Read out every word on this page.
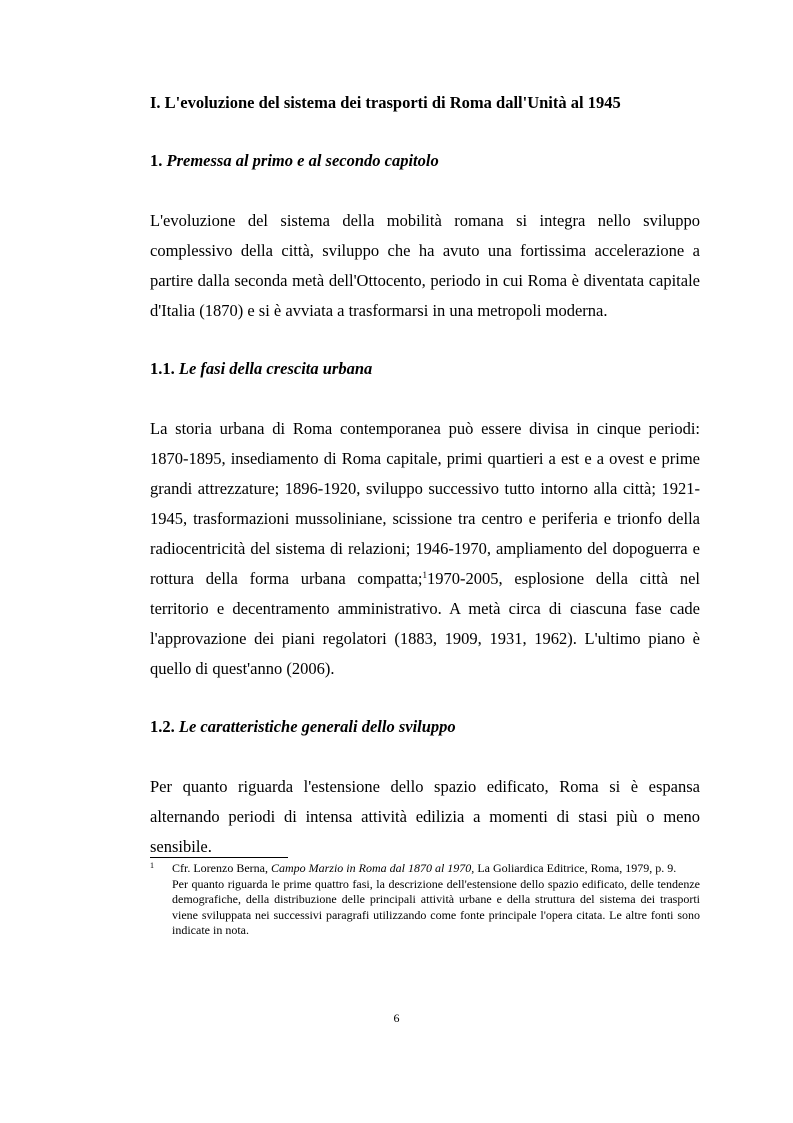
I. L'evoluzione del sistema dei trasporti di Roma dall'Unità al 1945
1. Premessa al primo e al secondo capitolo

L'evoluzione del sistema della mobilità romana si integra nello sviluppo complessivo della città, sviluppo che ha avuto una fortissima accelerazione a partire dalla seconda metà dell'Ottocento, periodo in cui Roma è diventata capitale d'Italia (1870) e si è avviata a trasformarsi in una metropoli moderna.

1.1. Le fasi della crescita urbana

La storia urbana di Roma contemporanea può essere divisa in cinque periodi: 1870-1895, insediamento di Roma capitale, primi quartieri a est e a ovest e prime grandi attrezzature; 1896-1920, sviluppo successivo tutto intorno alla città; 1921-1945, trasformazioni mussoliniane, scissione tra centro e periferia e trionfo della radiocentricità del sistema di relazioni; 1946-1970, ampliamento del dopoguerra e rottura della forma urbana compatta;$^1$1970-2005, esplosione della città nel territorio e decentramento amministrativo. A metà circa di ciascuna fase cade l'approvazione dei piani regolatori (1883, 1909, 1931, 1962). L'ultimo piano è quello di quest'anno (2006).

1.2. Le caratteristiche generali dello sviluppo

Per quanto riguarda l'estensione dello spazio edificato, Roma si è espansa alternando periodi di intensa attività edilizia a momenti di stasi più o meno sensibile.

1 Cfr. Lorenzo Berna, Campo Marzio in Roma dal 1870 al 1970, La Goliardica Editrice, Roma, 1979, p. 9.

Per quanto riguarda le prime quattro fasi, la descrizione dell'estensione dello spazio edificato, delle tendenze demografiche, della distribuzione delle principali attività urbane e della struttura del sistema dei trasporti viene sviluppata nei successivi paragrafi utilizzando come fonte principale l'opera citata. Le altre fonti sono indicate in nota.

6
